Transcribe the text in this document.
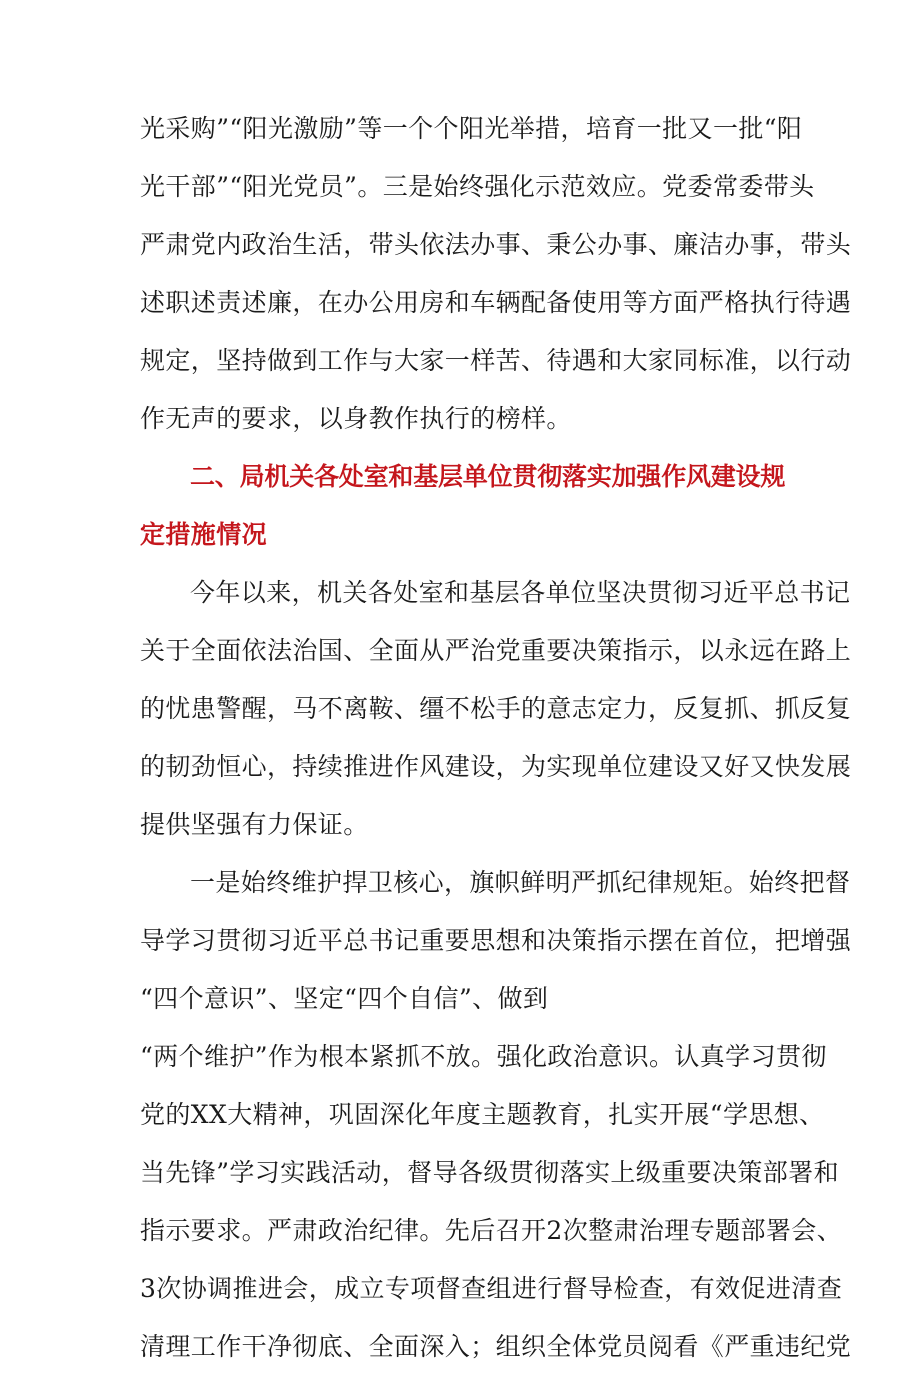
光采购”“阳光激励”等一个个阳光举措，培育一批又一批“阳
光干部”“阳光党员”。三是始终强化示范效应。党委常委带头
严肃党内政治生活，带头依法办事、秉公办事、廉洁办事，带头
述职述责述廉，在办公用房和车辆配备使用等方面严格执行待遇
规定，坚持做到工作与大家一样苦、待遇和大家同标准，以行动
作无声的要求，以身教作执行的榜样。
二、局机关各处室和基层单位贯彻落实加强作风建设规
定措施情况
今年以来，机关各处室和基层各单位坚决贯彻习近平总书记
关于全面依法治国、全面从严治党重要决策指示，以永远在路上
的忧患警醒，马不离鞍、缰不松手的意志定力，反复抓、抓反复
的韧劲恒心，持续推进作风建设，为实现单位建设又好又快发展
提供坚强有力保证。
一是始终维护捍卫核心，旗帜鲜明严抓纪律规矩。始终把督
导学习贯彻习近平总书记重要思想和决策指示摆在首位，把增强
“四个意识”、坚定“四个自信”、做到
“两个维护”作为根本紧抓不放。强化政治意识。认真学习贯彻
党的XX大精神，巩固深化年度主题教育，扎实开展“学思想、
当先锋”学习实践活动，督导各级贯彻落实上级重要决策部署和
指示要求。严肃政治纪律。先后召开2次整肃治理专题部署会、
3次协调推进会，成立专项督查组进行督导检查，有效促进清查
清理工作干净彻底、全面深入；组织全体党员阅看《严重违纪党
